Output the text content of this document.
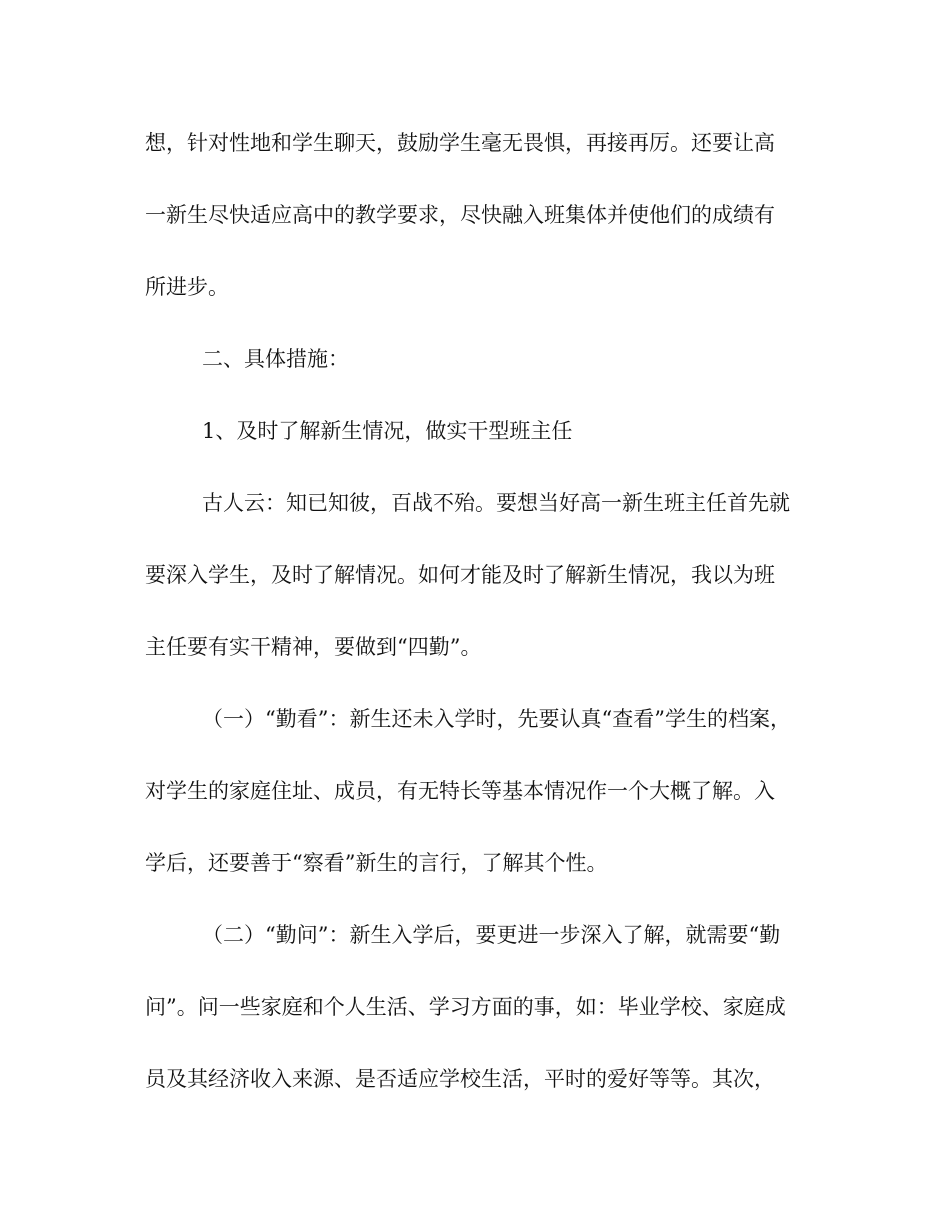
想，针对性地和学生聊天，鼓励学生毫无畏惧，再接再厉。还要让高
一新生尽快适应高中的教学要求，尽快融入班集体并使他们的成绩有
所进步。
二、具体措施：
1、及时了解新生情况，做实干型班主任
古人云：知已知彼，百战不殆。要想当好高一新生班主任首先就
要深入学生，及时了解情况。如何才能及时了解新生情况，我以为班
主任要有实干精神，要做到“四勤”。
（一）“勤看”：新生还未入学时，先要认真“查看”学生的档案，
对学生的家庭住址、成员，有无特长等基本情况作一个大概了解。入
学后，还要善于“察看”新生的言行，了解其个性。
（二）“勤问”：新生入学后，要更进一步深入了解，就需要“勤
问”。问一些家庭和个人生活、学习方面的事，如：毕业学校、家庭成
员及其经济收入来源、是否适应学校生活，平时的爱好等等。其次，
